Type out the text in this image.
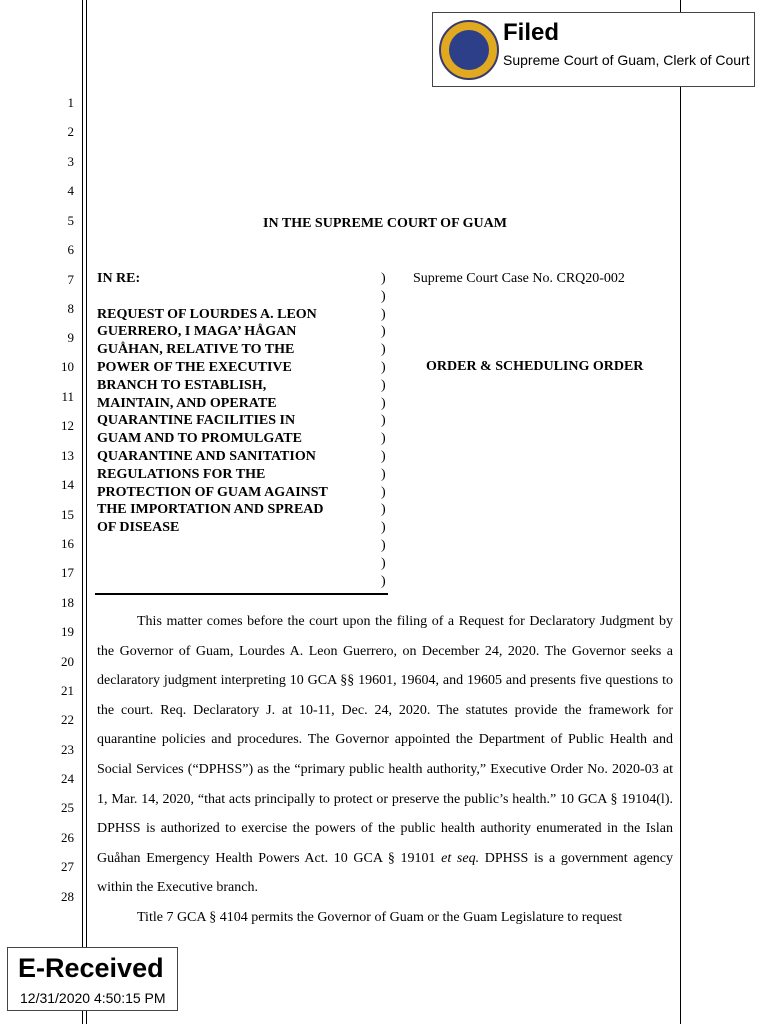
1
2
3
4
5
6
7
8
9
10
11
12
13
14
15
16
17
18
19
20
21
22
23
24
25
26
27
28
Filed
Supreme Court of Guam, Clerk of Court
IN THE SUPREME COURT OF GUAM
IN RE:
REQUEST OF LOURDES A. LEON
GUERRERO, I MAGA’ HÅGAN
GUÅHAN, RELATIVE TO THE
POWER OF THE EXECUTIVE
BRANCH TO ESTABLISH,
MAINTAIN, AND OPERATE
QUARANTINE FACILITIES IN
GUAM AND TO PROMULGATE
QUARANTINE AND SANITATION
REGULATIONS FOR THE
PROTECTION OF GUAM AGAINST
THE IMPORTATION AND SPREAD
OF DISEASE
)
)
)
)
)
)
)
)
)
)
)
)
)
)
)
)
)
)
Supreme Court Case No. CRQ20-002
ORDER & SCHEDULING ORDER

This matter comes before the court upon the filing of a Request for Declaratory Judgment by the Governor of Guam, Lourdes A. Leon Guerrero, on December 24, 2020. The Governor seeks a declaratory judgment interpreting 10 GCA §§ 19601, 19604, and 19605 and presents five questions to the court. Req. Declaratory J. at 10-11, Dec. 24, 2020. The statutes provide the framework for quarantine policies and procedures. The Governor appointed the Department of Public Health and Social Services (“DPHSS”) as the “primary public health authority,” Executive Order No. 2020-03 at 1, Mar. 14, 2020, “that acts principally to protect or preserve the public’s health.” 10 GCA § 19104(l). DPHSS is authorized to exercise the powers of the public health authority enumerated in the Islan Guåhan Emergency Health Powers Act. 10 GCA § 19101 et seq. DPHSS is a government agency within the Executive branch.

Title 7 GCA § 4104 permits the Governor of Guam or the Guam Legislature to request

E-Received
12/31/2020 4:50:15 PM
